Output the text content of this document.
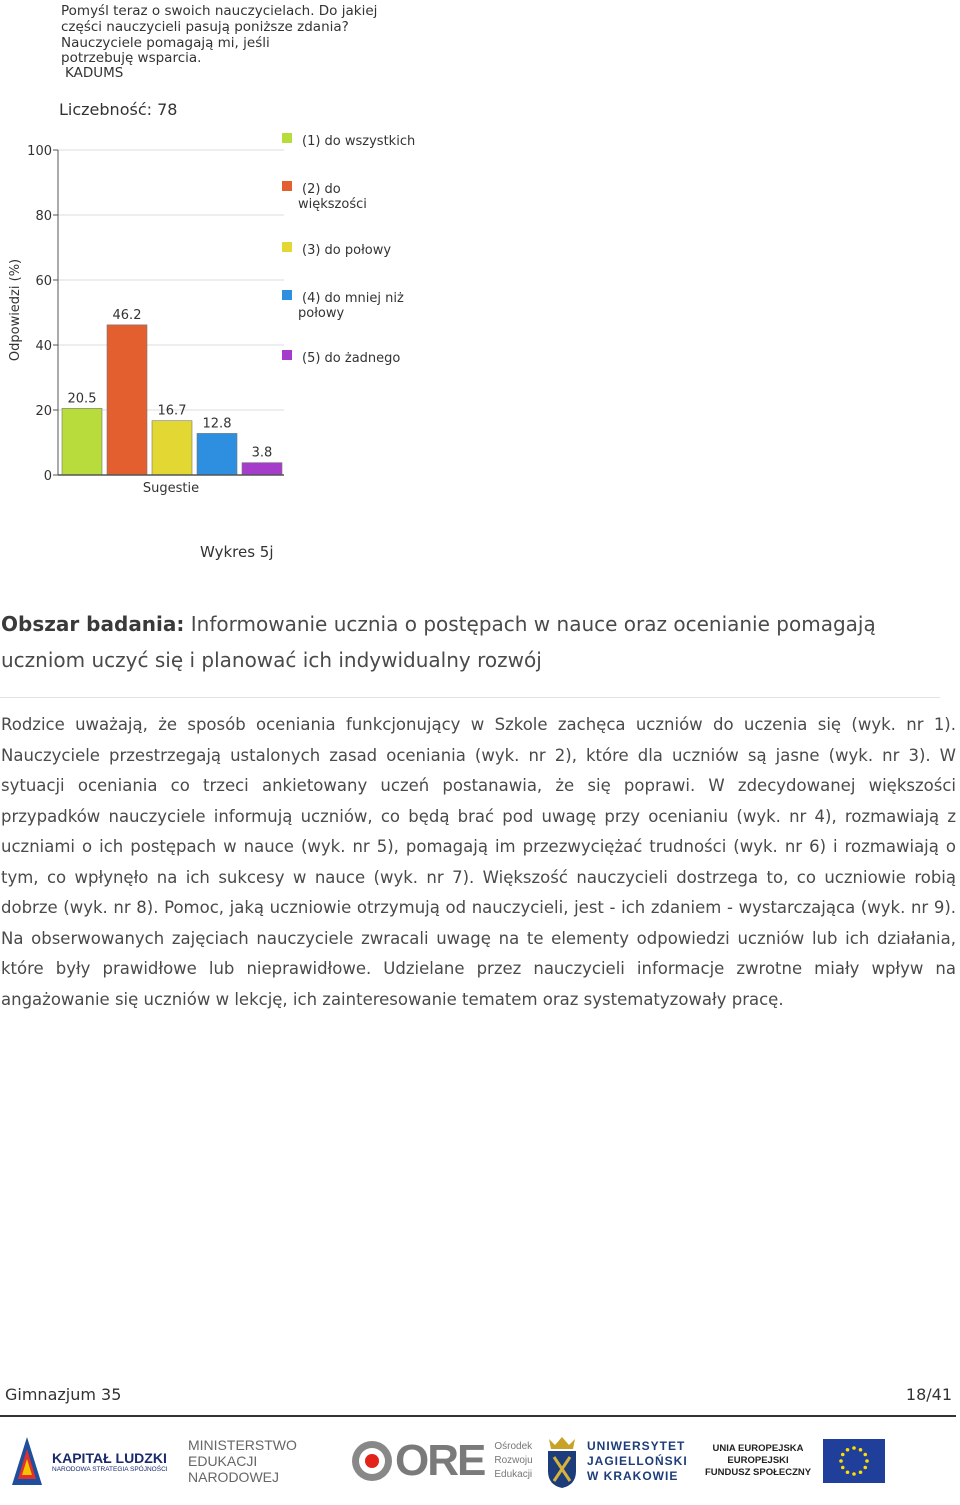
Pomyśl teraz o swoich nauczycielach. Do jakiej
części nauczycieli pasują poniższe zdania?
Nauczyciele pomagają mi, jeśli
potrzebuję wsparcia.
KADUMS
Liczebność: 78
Odpowiedzi (%)
Sugestie
0
20
40
60
80
100
20.5
46.2
16.7
12.8
3.8
(1) do wszystkich
(2) do
większości
(3) do połowy
(4) do mniej niż
połowy
(5) do żadnego
Wykres 5j
Obszar badania: Informowanie ucznia o postępach w nauce oraz ocenianie pomagają uczniom uczyć się i planować ich indywidualny rozwój
Rodzice uważają, że sposób oceniania funkcjonujący w Szkole zachęca uczniów do uczenia się (wyk. nr 1). Nauczyciele przestrzegają ustalonych zasad oceniania (wyk. nr 2), które dla uczniów są jasne (wyk. nr 3). W sytuacji oceniania co trzeci ankietowany uczeń postanawia, że się poprawi. W zdecydowanej większości przypadków nauczyciele informują uczniów, co będą brać pod uwagę przy ocenianiu (wyk. nr 4), rozmawiają z uczniami o ich postępach w nauce (wyk. nr 5), pomagają im przezwyciężać trudności (wyk. nr 6) i rozmawiają o tym, co wpłynęło na ich sukcesy w nauce (wyk. nr 7). Większość nauczycieli dostrzega to, co uczniowie robią dobrze (wyk. nr 8). Pomoc, jaką uczniowie otrzymują od nauczycieli, jest - ich zdaniem - wystarczająca (wyk. nr 9). Na obserwowanych zajęciach nauczyciele zwracali uwagę na te elementy odpowiedzi uczniów lub ich działania, które były prawidłowe lub nieprawidłowe. Udzielane przez nauczycieli informacje zwrotne miały wpływ na angażowanie się uczniów w lekcję, ich zainteresowanie tematem oraz systematyzowały pracę.
Gimnazjum 35	18/41
KAPITAŁ LUDZKI
NARODOWA STRATEGIA SPÓJNOŚCI
MINISTERSTWO
EDUKACJI
NARODOWEJ	ORE Ośrodek
Rozwoju
Edukacji
UNIWERSYTET
JAGIELLOŃSKI
W KRAKOWIE
UNIA EUROPEJSKA
EUROPEJSKI
FUNDUSZ SPOŁECZNY
